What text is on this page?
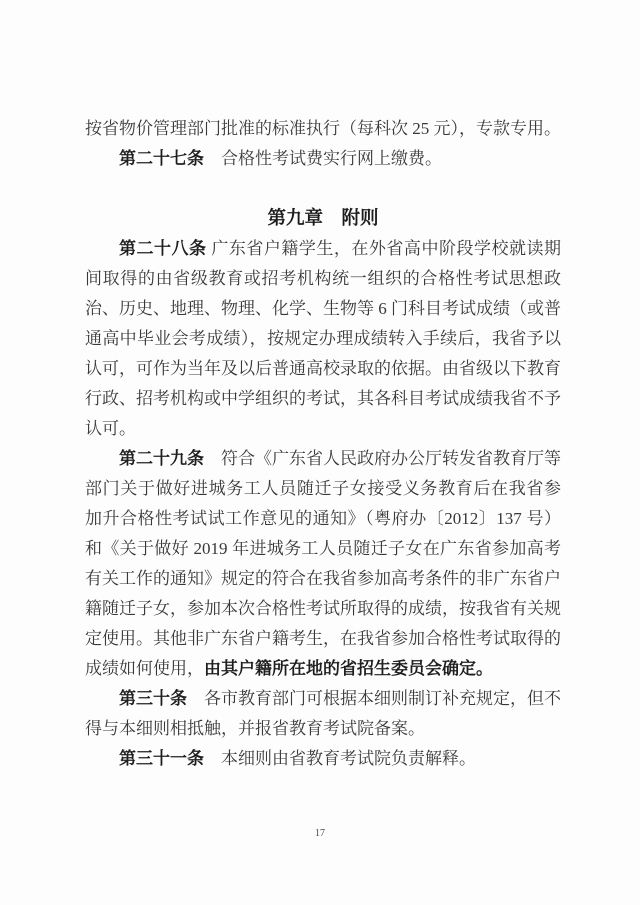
按省物价管理部门批准的标准执行（每科次 25 元），专款专用。
第二十七条　合格性考试费实行网上缴费。
第九章　附则
第二十八条 广东省户籍学生，在外省高中阶段学校就读期
间取得的由省级教育或招考机构统一组织的合格性考试思想政
治、历史、地理、物理、化学、生物等 6 门科目考试成绩（或普
通高中毕业会考成绩），按规定办理成绩转入手续后，我省予以
认可，可作为当年及以后普通高校录取的依据。由省级以下教育
行政、招考机构或中学组织的考试，其各科目考试成绩我省不予
认可。
第二十九条　符合《广东省人民政府办公厅转发省教育厅等
部门关于做好进城务工人员随迁子女接受义务教育后在我省参
加升合格性考试试工作意见的通知》（粤府办〔2012〕137 号）
和《关于做好 2019 年进城务工人员随迁子女在广东省参加高考
有关工作的通知》规定的符合在我省参加高考条件的非广东省户
籍随迁子女，参加本次合格性考试所取得的成绩，按我省有关规
定使用。其他非广东省户籍考生，在我省参加合格性考试取得的
成绩如何使用，由其户籍所在地的省招生委员会确定。
第三十条　各市教育部门可根据本细则制订补充规定，但不
得与本细则相抵触，并报省教育考试院备案。
第三十一条　本细则由省教育考试院负责解释。
17
